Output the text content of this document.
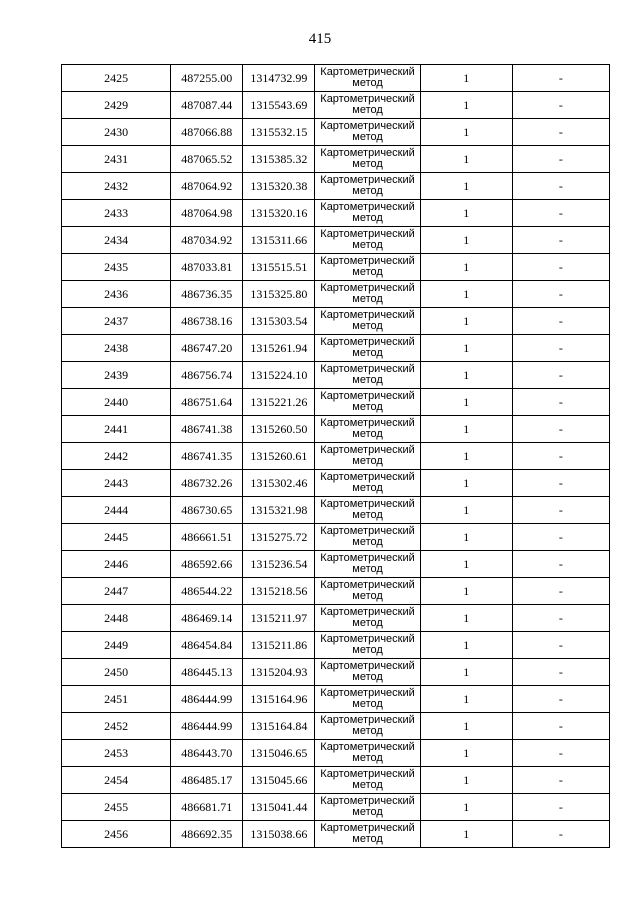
415
2425	487255.00	1314732.99	Картометрический метод	1	-
2429	487087.44	1315543.69	Картометрический метод	1	-
2430	487066.88	1315532.15	Картометрический метод	1	-
2431	487065.52	1315385.32	Картометрический метод	1	-
2432	487064.92	1315320.38	Картометрический метод	1	-
2433	487064.98	1315320.16	Картометрический метод	1	-
2434	487034.92	1315311.66	Картометрический метод	1	-
2435	487033.81	1315515.51	Картометрический метод	1	-
2436	486736.35	1315325.80	Картометрический метод	1	-
2437	486738.16	1315303.54	Картометрический метод	1	-
2438	486747.20	1315261.94	Картометрический метод	1	-
2439	486756.74	1315224.10	Картометрический метод	1	-
2440	486751.64	1315221.26	Картометрический метод	1	-
2441	486741.38	1315260.50	Картометрический метод	1	-
2442	486741.35	1315260.61	Картометрический метод	1	-
2443	486732.26	1315302.46	Картометрический метод	1	-
2444	486730.65	1315321.98	Картометрический метод	1	-
2445	486661.51	1315275.72	Картометрический метод	1	-
2446	486592.66	1315236.54	Картометрический метод	1	-
2447	486544.22	1315218.56	Картометрический метод	1	-
2448	486469.14	1315211.97	Картометрический метод	1	-
2449	486454.84	1315211.86	Картометрический метод	1	-
2450	486445.13	1315204.93	Картометрический метод	1	-
2451	486444.99	1315164.96	Картометрический метод	1	-
2452	486444.99	1315164.84	Картометрический метод	1	-
2453	486443.70	1315046.65	Картометрический метод	1	-
2454	486485.17	1315045.66	Картометрический метод	1	-
2455	486681.71	1315041.44	Картометрический метод	1	-
2456	486692.35	1315038.66	Картометрический метод	1	-
